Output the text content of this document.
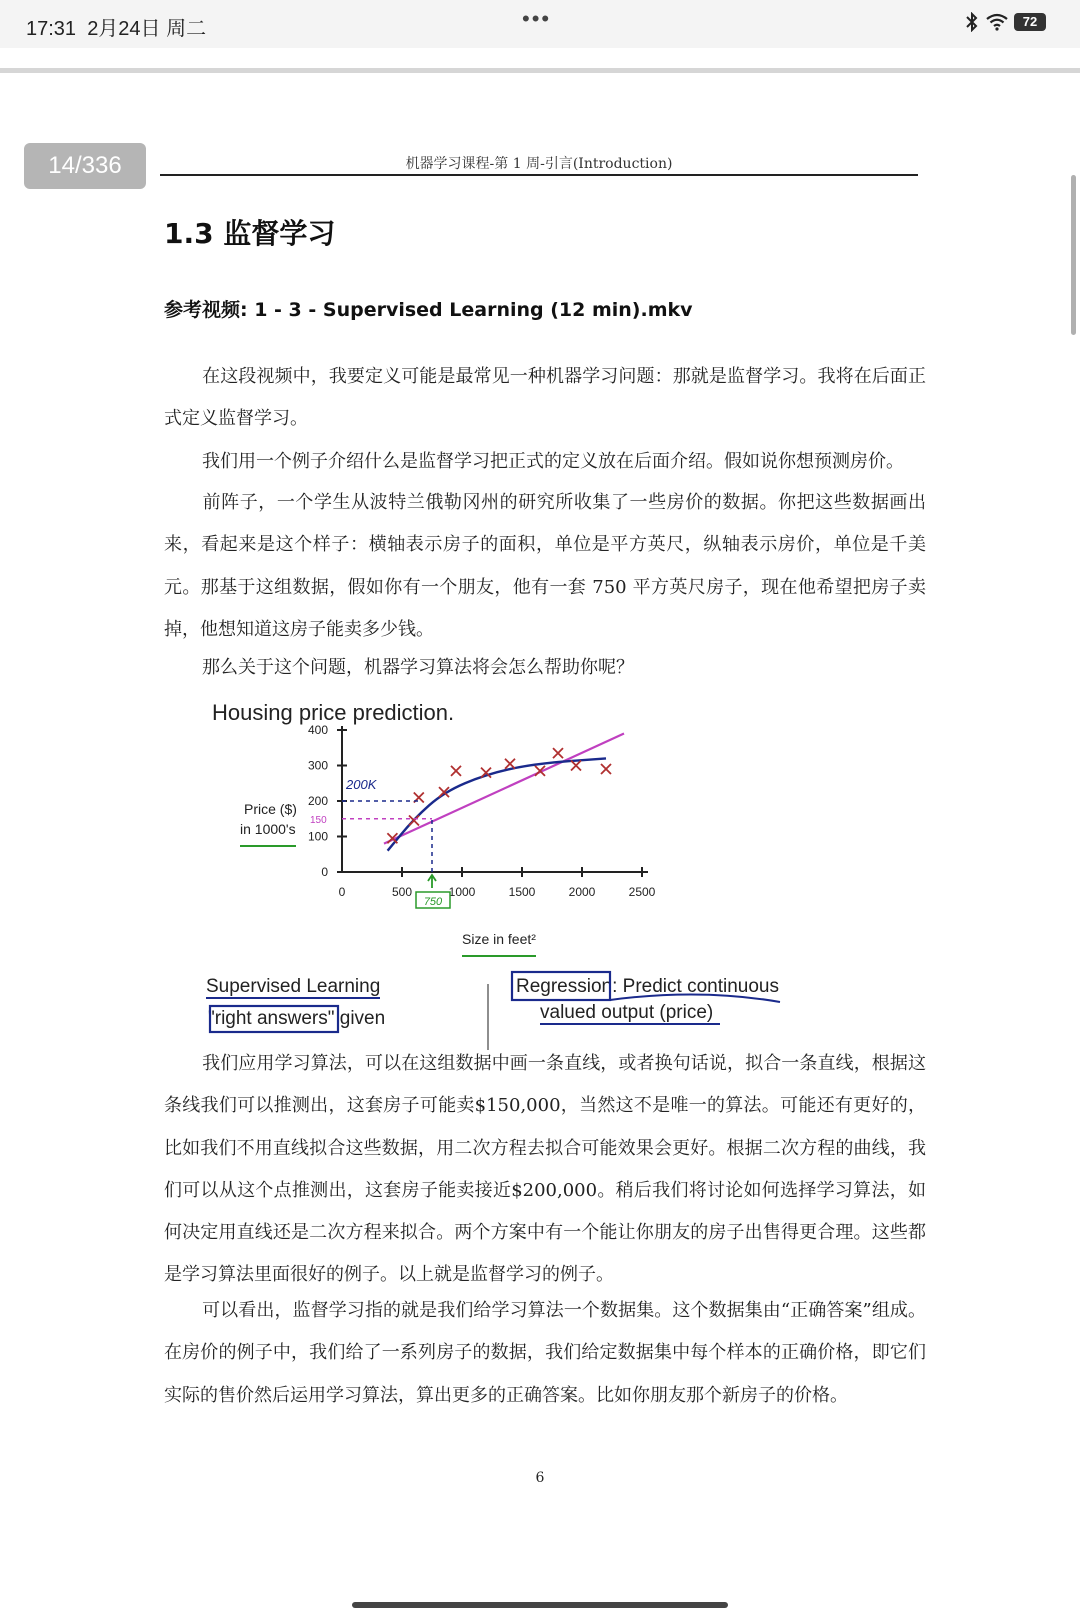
17:31 2月24日 周二	•••	72
14/336	机器学习课程-第 1 周-引言(Introduction)
1.3 监督学习
参考视频: 1 - 3 - Supervised Learning (12 min).mkv

在这段视频中，我要定义可能是最常见一种机器学习问题：那就是监督学习。我将在后面正式定义监督学习。

我们用一个例子介绍什么是监督学习把正式的定义放在后面介绍。假如说你想预测房价。

前阵子，一个学生从波特兰俄勒冈州的研究所收集了一些房价的数据。你把这些数据画出来，看起来是这个样子：横轴表示房子的面积，单位是平方英尺，纵轴表示房价，单位是千美元。那基于这组数据，假如你有一个朋友，他有一套 750 平方英尺房子，现在他希望把房子卖掉，他想知道这房子能卖多少钱。

那么关于这个问题，机器学习算法将会怎么帮助你呢？

Housing price prediction.
0	500	1000	1500	2000	2500
0
100
200
300
400
Price ($)
in 1000's
Size in feet²
200K
150
750
Supervised Learning
"right answers" given
Regression: Predict continuous
valued output (price)

我们应用学习算法，可以在这组数据中画一条直线，或者换句话说，拟合一条直线，根据这条线我们可以推测出，这套房子可能卖$150,000，当然这不是唯一的算法。可能还有更好的，比如我们不用直线拟合这些数据，用二次方程去拟合可能效果会更好。根据二次方程的曲线，我们可以从这个点推测出，这套房子能卖接近$200,000。稍后我们将讨论如何选择学习算法，如何决定用直线还是二次方程来拟合。两个方案中有一个能让你朋友的房子出售得更合理。这些都是学习算法里面很好的例子。以上就是监督学习的例子。

可以看出，监督学习指的就是我们给学习算法一个数据集。这个数据集由“正确答案”组成。在房价的例子中，我们给了一系列房子的数据，我们给定数据集中每个样本的正确价格，即它们实际的售价然后运用学习算法，算出更多的正确答案。比如你朋友那个新房子的价格。

6
